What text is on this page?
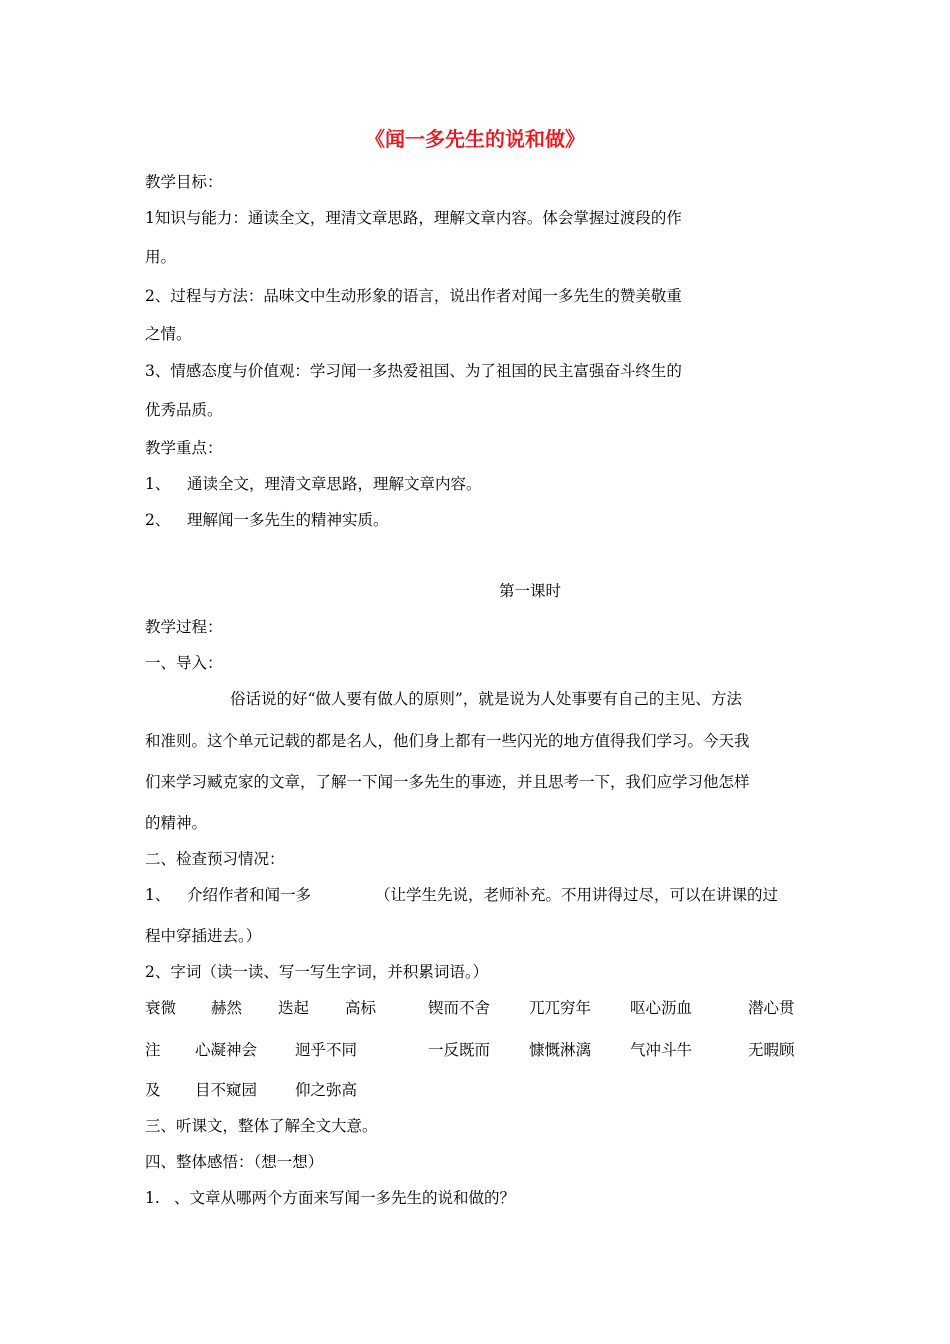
《闻一多先生的说和做》
教学目标：
1知识与能力：通读全文，理清文章思路，理解文章内容。体会掌握过渡段的作
用。
2、过程与方法：品味文中生动形象的语言，说出作者对闻一多先生的赞美敬重
之情。
3、情感态度与价值观：学习闻一多热爱祖国、为了祖国的民主富强奋斗终生的
优秀品质。
教学重点：
1、 通读全文，理清文章思路，理解文章内容。
2、 理解闻一多先生的精神实质。
第一课时
教学过程：
一、导入：
俗话说的好“做人要有做人的原则”，就是说为人处事要有自己的主见、方法
和准则。这个单元记载的都是名人，他们身上都有一些闪光的地方值得我们学习。今天我
们来学习臧克家的文章，了解一下闻一多先生的事迹，并且思考一下，我们应学习他怎样
的精神。
二、检查预习情况：
1、 介绍作者和闻一多	（让学生先说，老师补充。不用讲得过尽，可以在讲课的过
程中穿插进去。）
2、字词（读一读、写一写生字词，并积累词语。）
衰微 赫然 迭起 高标	锲而不舍	兀兀穷年	呕心沥血	潜心贯
注 心凝神会 迥乎不同	一反既而	慷慨淋漓	气冲斗牛	无暇顾
及 目不窥园 仰之弥高
三、听课文，整体了解全文大意。
四、整体感悟：（想一想）
1. 、文章从哪两个方面来写闻一多先生的说和做的？
